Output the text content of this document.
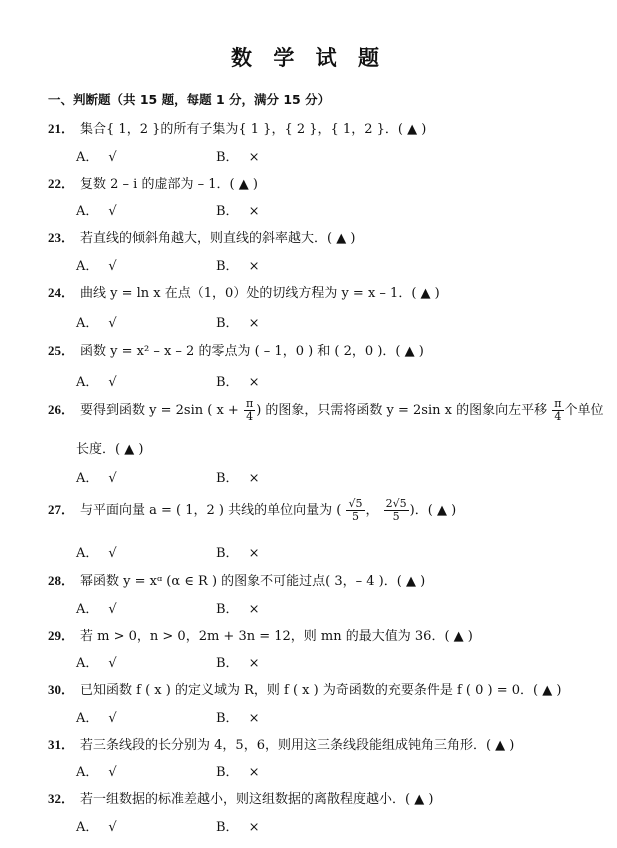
数 学 试 题
一、判断题（共 15 题，每题 1 分，满分 15 分）
21． 集合{ 1，2 }的所有子集为{ 1 }，{ 2 }，{ 1，2 }．( ▲ )
A． √	B． ×
22． 复数 2 – i 的虚部为 – 1．( ▲ )
A． √	B． ×
23． 若直线的倾斜角越大，则直线的斜率越大．( ▲ )
A． √	B． ×
24． 曲线 y = ln x 在点（1，0）处的切线方程为 y = x – 1．( ▲ )
A． √	B． ×
25． 函数 y = x² – x – 2 的零点为 ( – 1，0 ) 和 ( 2，0 )．( ▲ )
A． √	B． ×
26． 要得到函数 y = 2sin ( $x + \frac{\pi}{4}$ ) 的图象，只需将函数 y = 2sin x 的图象向左平移 $\frac{\pi}{4}$ 个单位
长度．( ▲ )
A． √	B． ×
27． 与平面向量 a = ( 1，2 ) 共线的单位向量为 ( $\frac{√5}{5}$ ， $\frac{2√5}{5}$ )．( ▲ )
A． √	B． ×
28． 幂函数 y = xᵅ (α ∈ R ) 的图象不可能过点( 3，– 4 )．( ▲ )
A． √	B． ×
29． 若 m > 0，n > 0，2m + 3n = 12，则 mn 的最大值为 36．( ▲ )
A． √	B． ×
30． 已知函数 f ( x ) 的定义域为 R，则 f ( x ) 为奇函数的充要条件是 f ( 0 ) = 0．( ▲ )
A． √	B． ×
31． 若三条线段的长分别为 4，5，6，则用这三条线段能组成钝角三角形．( ▲ )
A． √	B． ×
32． 若一组数据的标准差越小，则这组数据的离散程度越小．( ▲ )
A． √	B． ×
